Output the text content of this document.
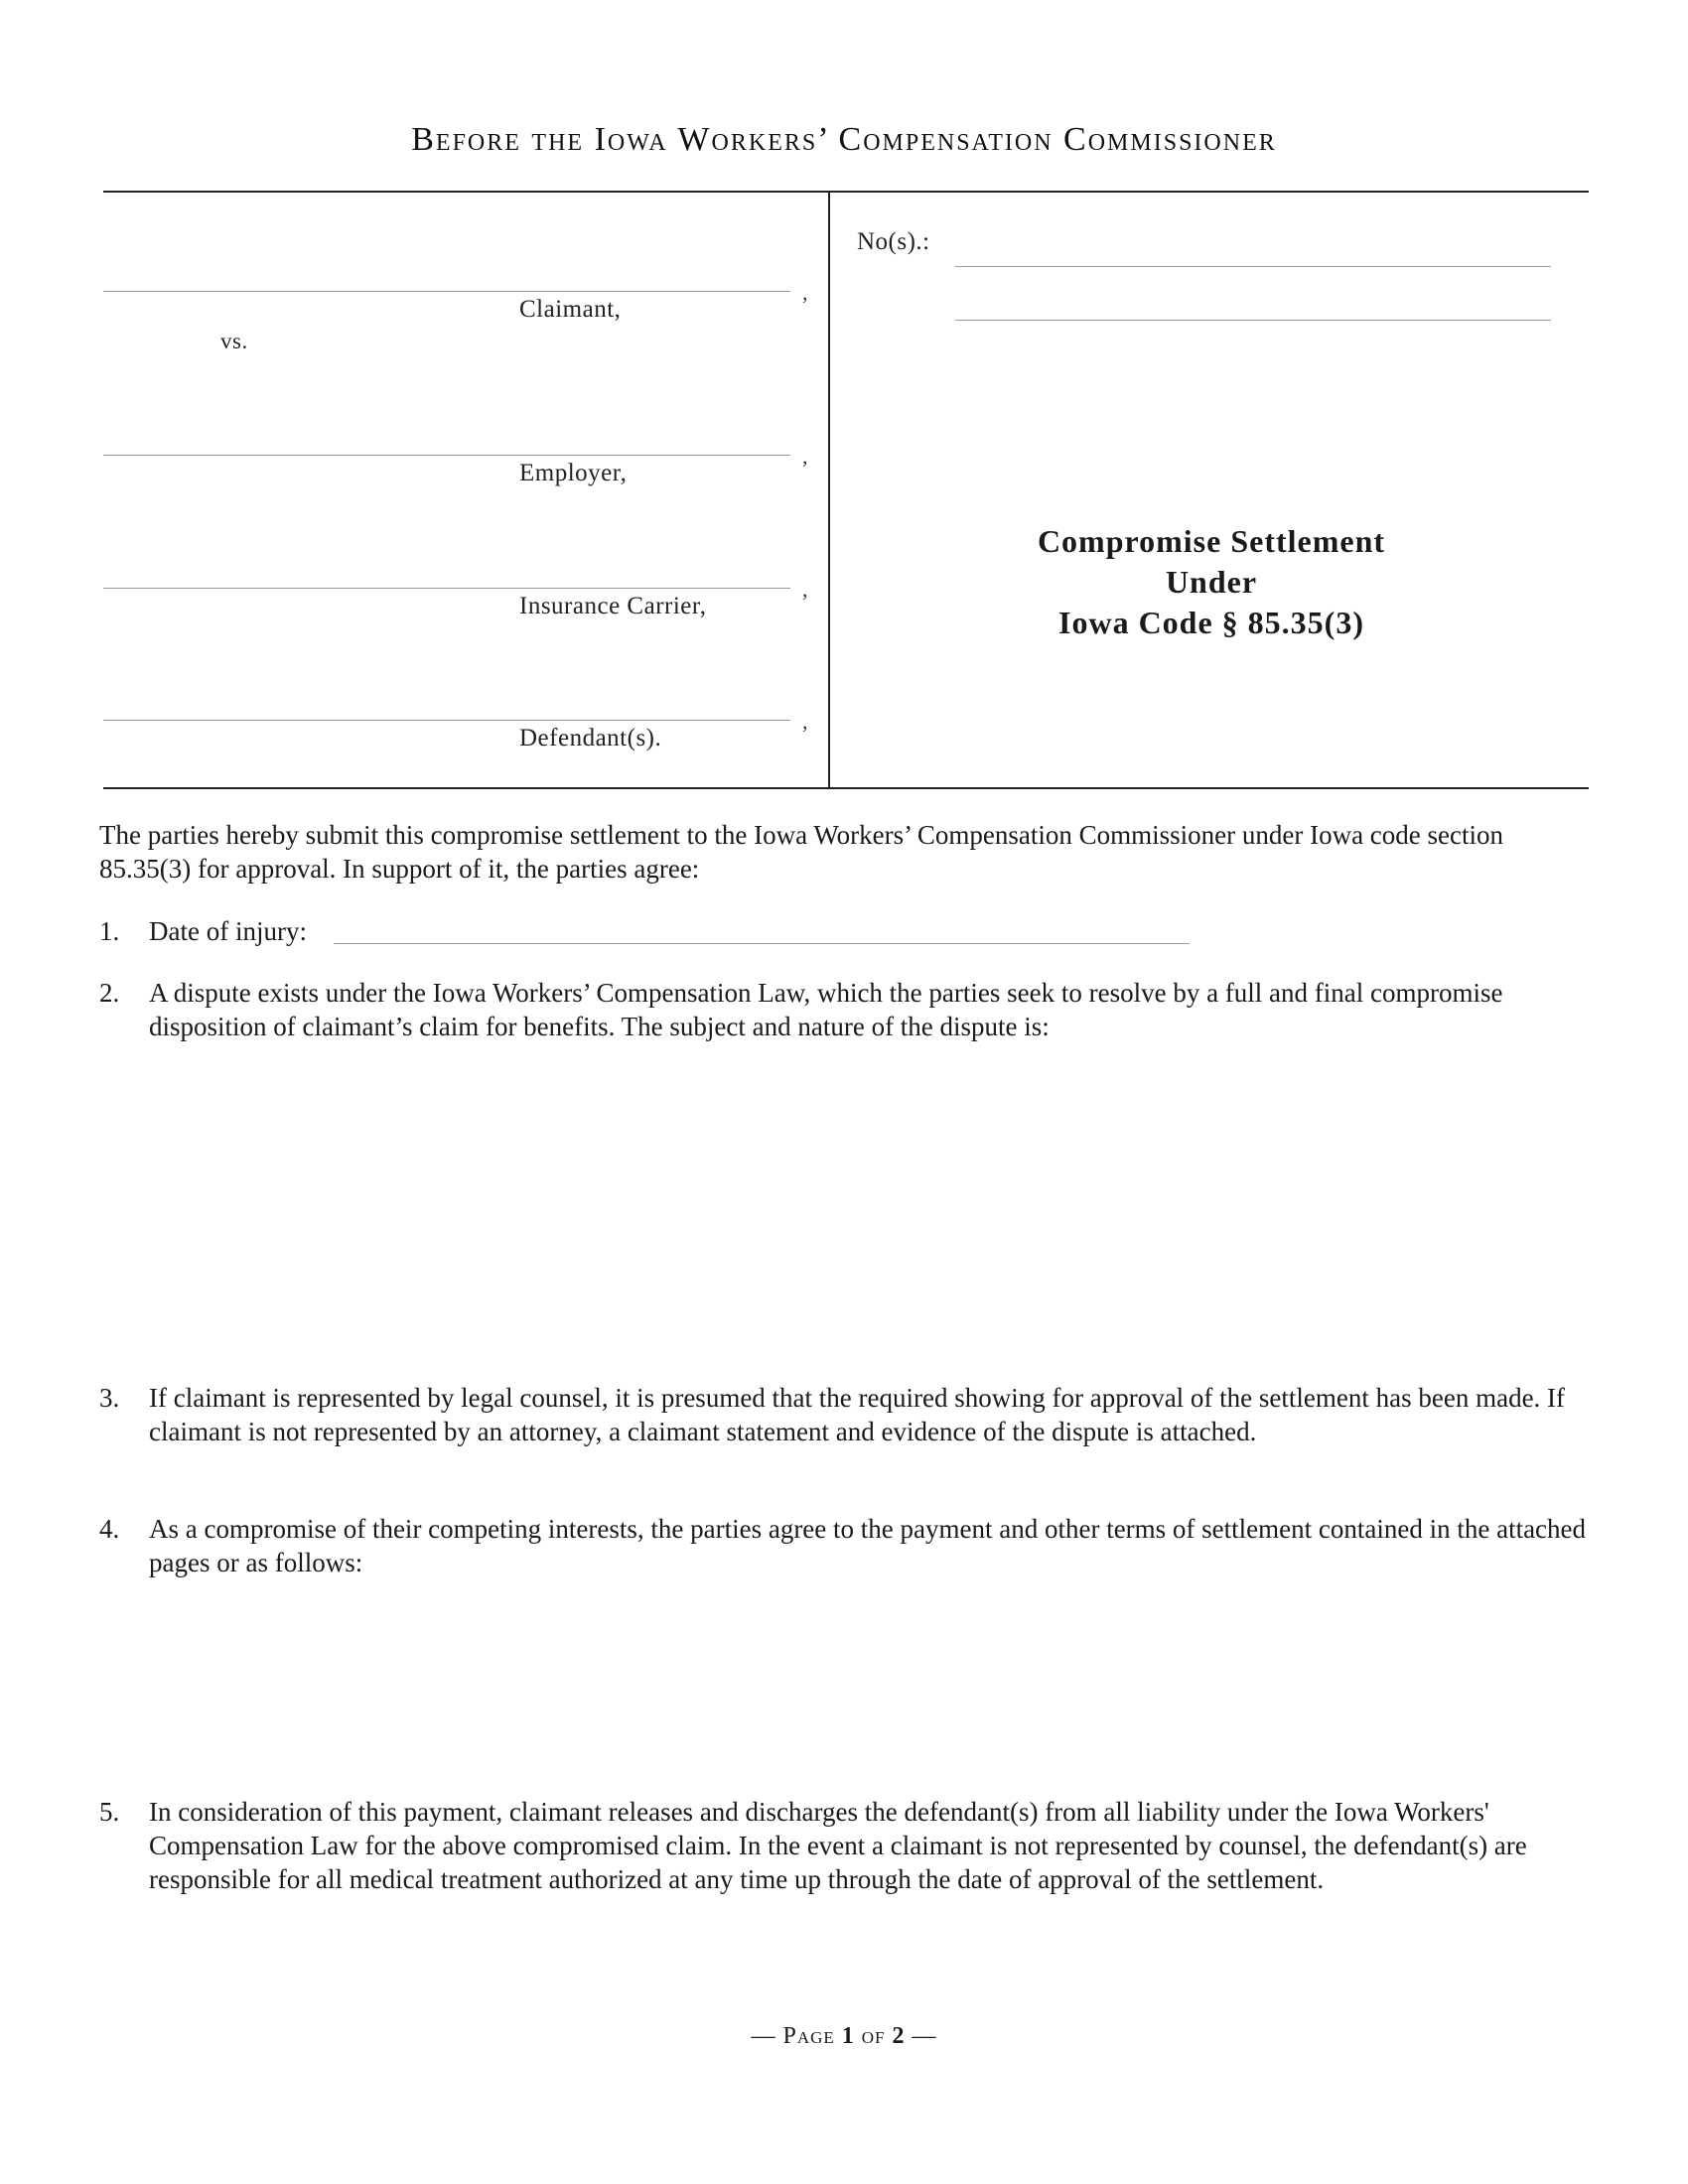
Before the Iowa Workers’ Compensation Commissioner
,
Claimant,
vs.
,
Employer,
,
Insurance Carrier,
,
Defendant(s).
No(s).:
Compromise Settlement
Under
Iowa Code § 85.35(3)
The parties hereby submit this compromise settlement to the Iowa Workers’ Compensation Commissioner under Iowa code section 85.35(3) for approval. In support of it, the parties agree:
1. Date of injury:
2. A dispute exists under the Iowa Workers’ Compensation Law, which the parties seek to resolve by a full and final compromise disposition of claimant’s claim for benefits. The subject and nature of the dispute is:
3. If claimant is represented by legal counsel, it is presumed that the required showing for approval of the settlement has been made. If claimant is not represented by an attorney, a claimant statement and evidence of the dispute is attached.
4. As a compromise of their competing interests, the parties agree to the payment and other terms of settlement contained in the attached pages or as follows:
5. In consideration of this payment, claimant releases and discharges the defendant(s) from all liability under the Iowa Workers' Compensation Law for the above compromised claim. In the event a claimant is not represented by counsel, the defendant(s) are responsible for all medical treatment authorized at any time up through the date of approval of the settlement.
— Page 1 of 2 —
